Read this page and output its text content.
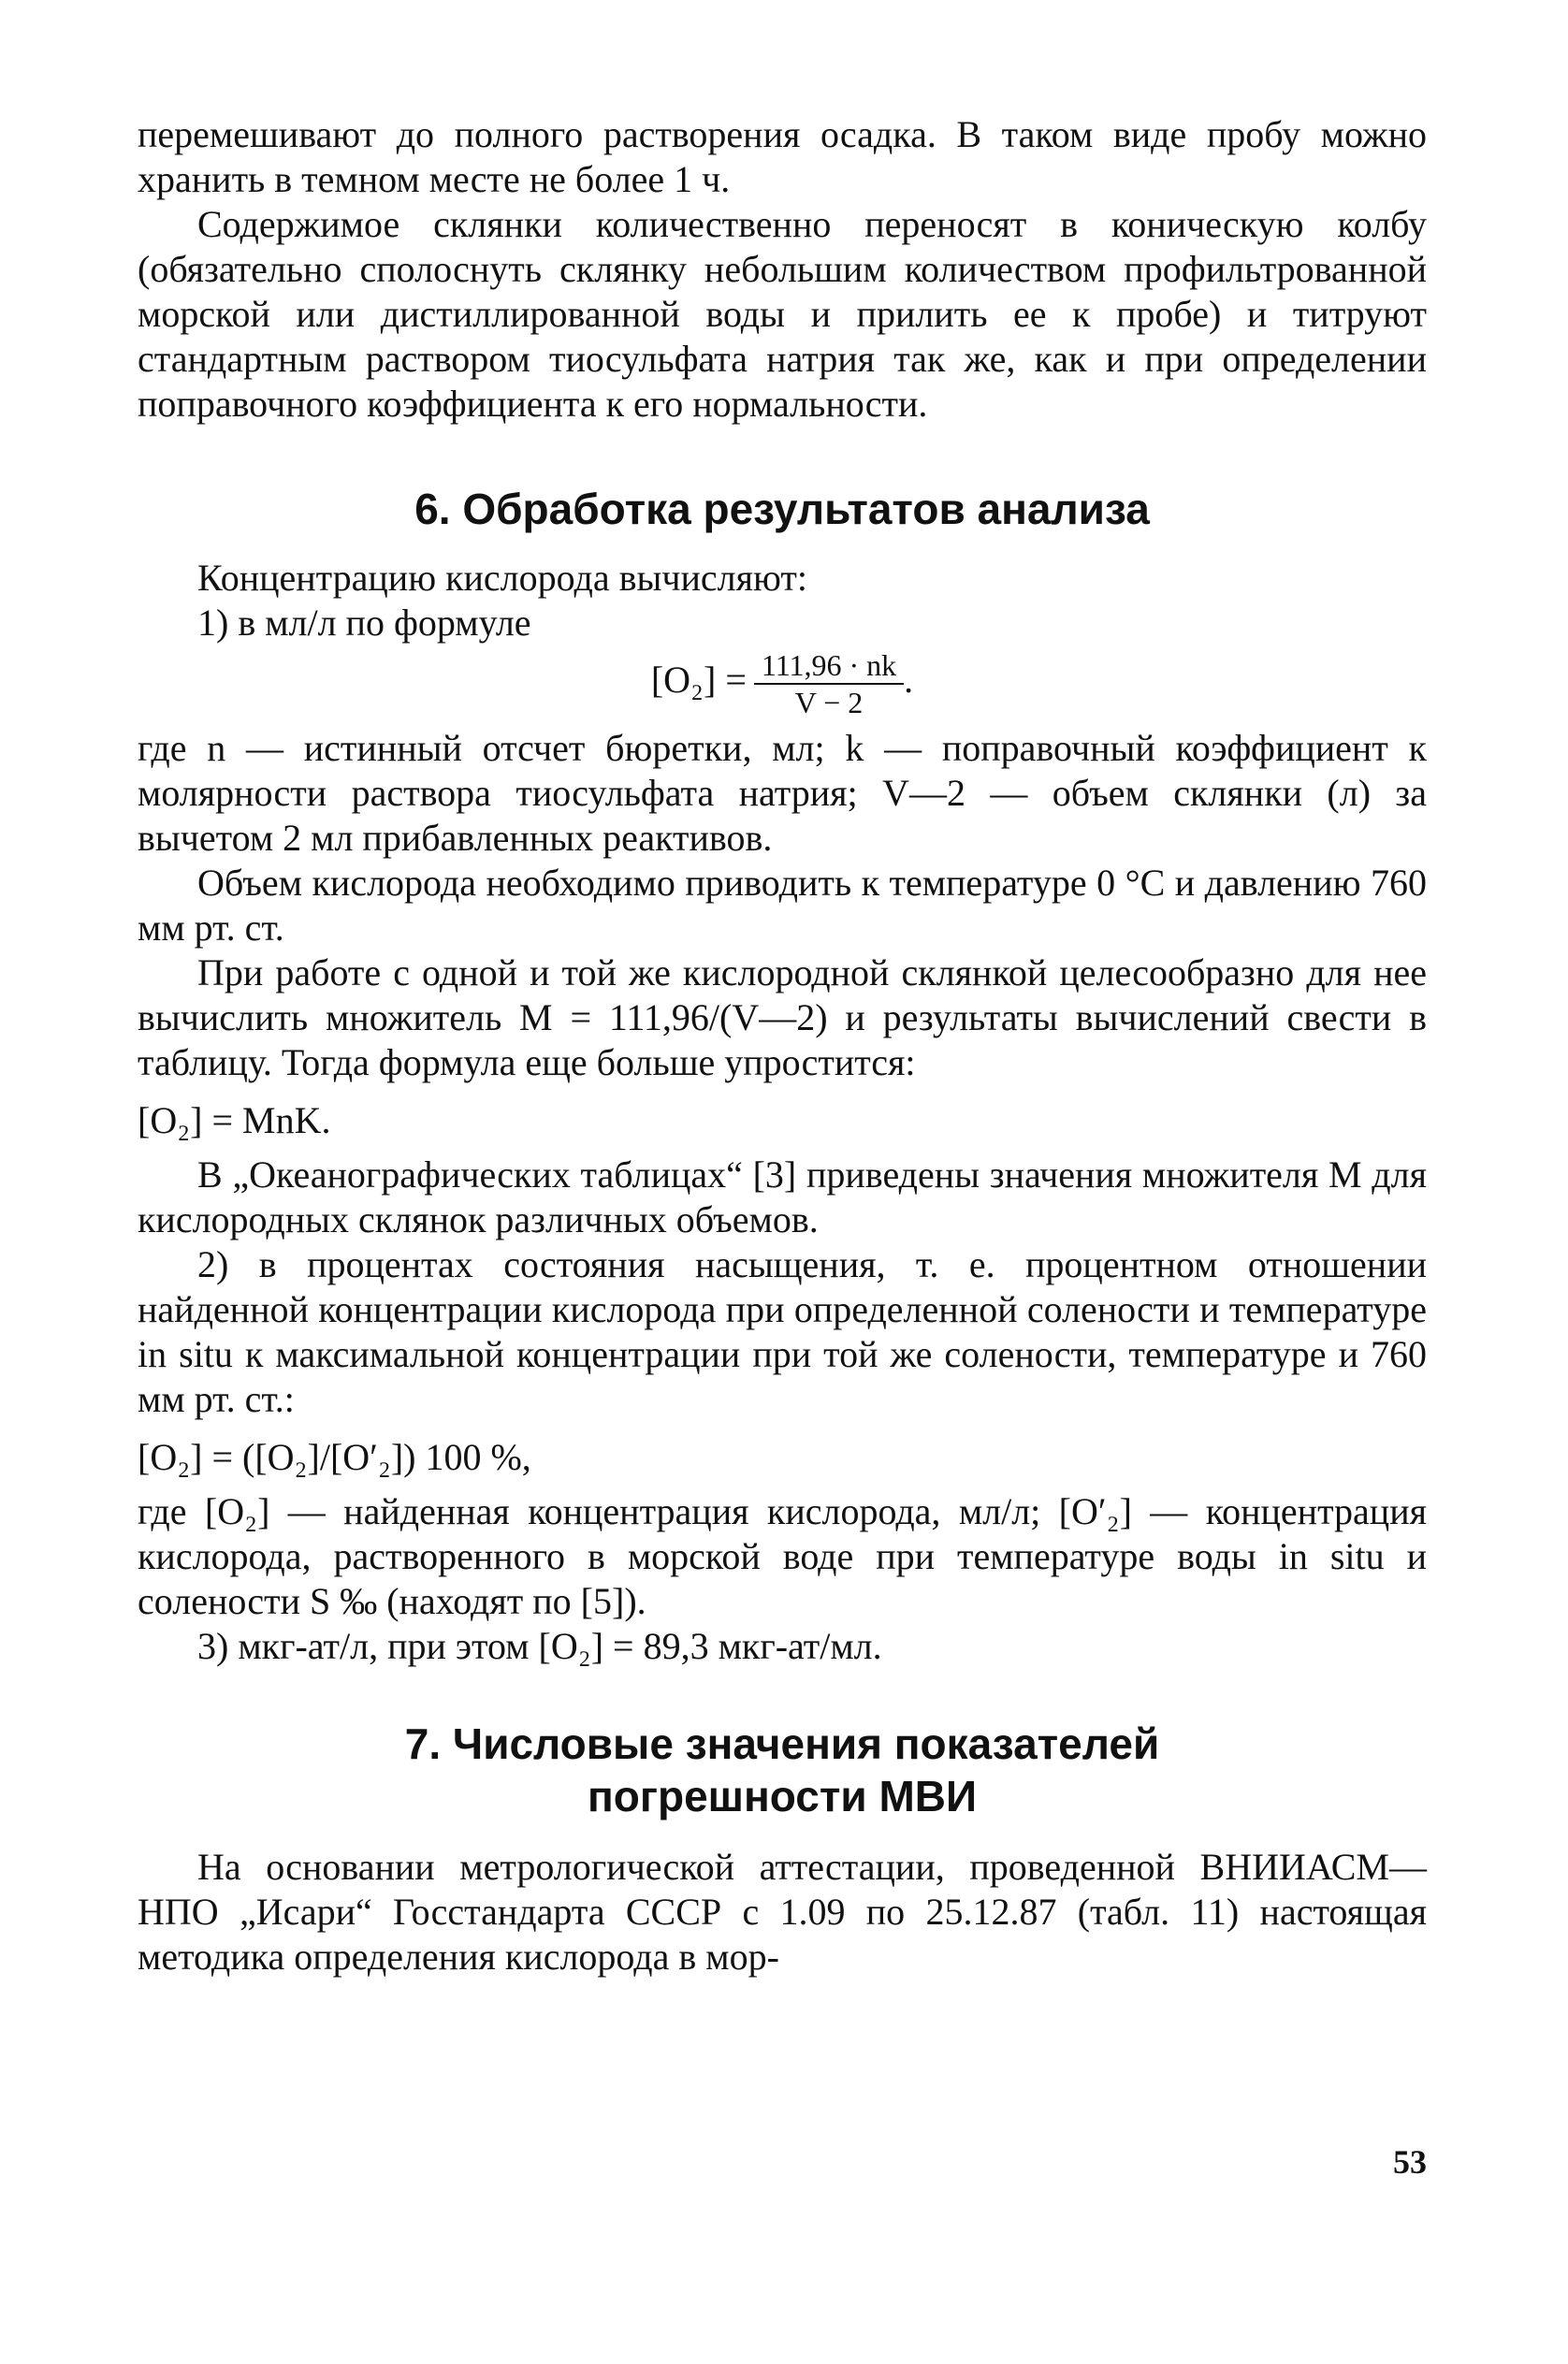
перемешивают до полного растворения осадка. В таком виде пробу можно хранить в темном месте не более 1 ч.

Содержимое склянки количественно переносят в коническую колбу (обязательно сполоснуть склянку небольшим количеством профильтрованной морской или дистиллированной воды и прилить ее к пробе) и титруют стандартным раствором тиосульфата натрия так же, как и при определении поправочного коэффициента к его нормальности.

6. Обработка результатов анализа

Концентрацию кислорода вычисляют:

1) в мл/л по формуле

$[O_2] = \frac{111,96 \cdot nk}{V - 2}$ .

где n — истинный отсчет бюретки, мл; k — поправочный коэффициент к молярности раствора тиосульфата натрия; V—2 — объем склянки (л) за вычетом 2 мл прибавленных реактивов.

Объем кислорода необходимо приводить к температуре 0 °C и давлению 760 мм рт. ст.

При работе с одной и той же кислородной склянкой целесообразно для нее вычислить множитель M = 111,96/(V—2) и результаты вычислений свести в таблицу. Тогда формула еще больше упростится:

[O₂] = MnK.

В „Океанографических таблицах“ [3] приведены значения множителя M для кислородных склянок различных объемов.

2) в процентах состояния насыщения, т. е. процентном отношении найденной концентрации кислорода при определенной солености и температуре in situ к максимальной концентрации при той же солености, температуре и 760 мм рт. ст.:

[O₂] = ([O₂]/[O′₂]) 100 %,

где [O₂] — найденная концентрация кислорода, мл/л; [O′₂] — концентрация кислорода, растворенного в морской воде при температуре воды in situ и солености S ‰ (находят по [5]).

3) мкг-ат/л, при этом [O₂] = 89,3 мкг-ат/мл.

7. Числовые значения показателей
погрешности МВИ

На основании метрологической аттестации, проведенной ВНИИАСМ—НПО „Исари“ Госстандарта СССР с 1.09 по 25.12.87 (табл. 11) настоящая методика определения кислорода в мор-

53
